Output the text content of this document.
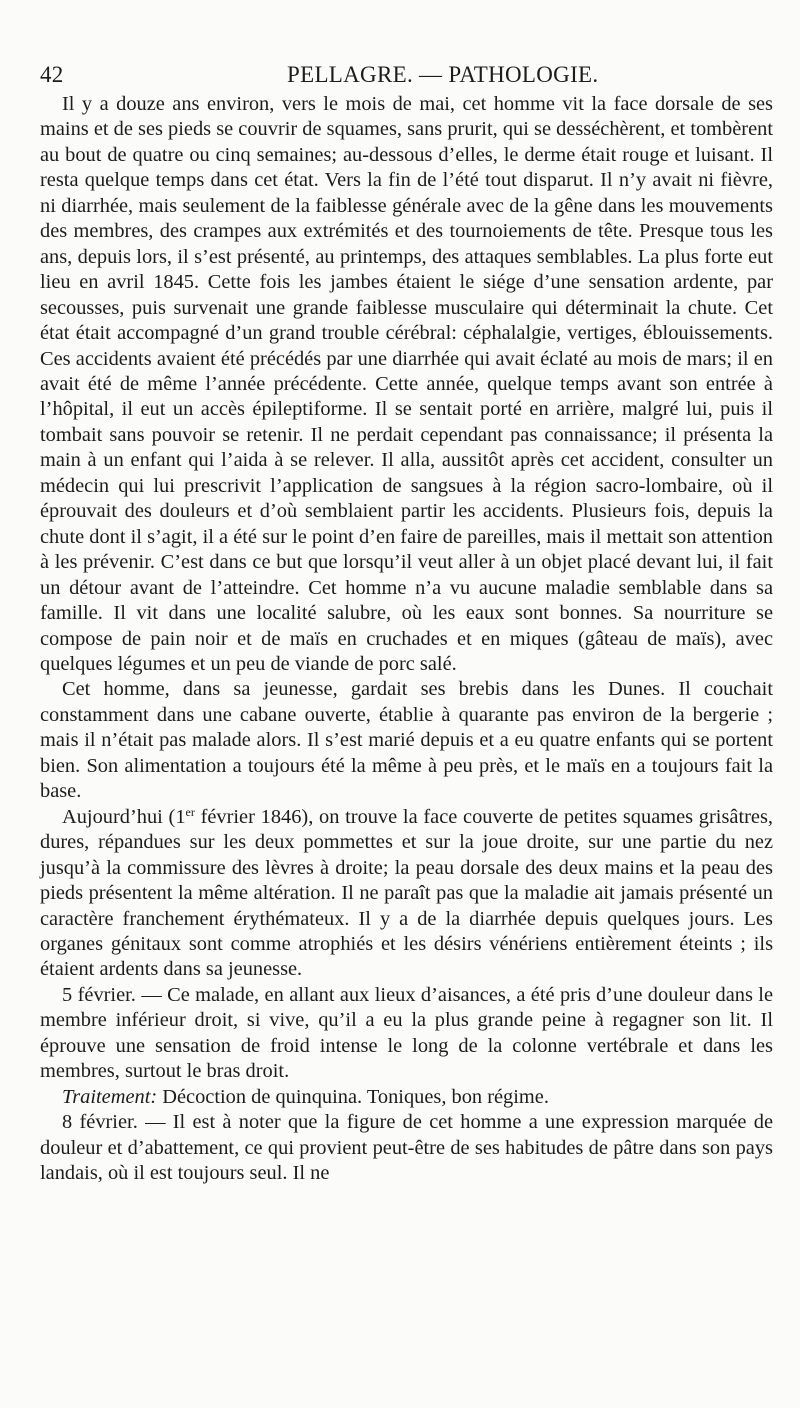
42	PELLAGRE. — PATHOLOGIE.

Il y a douze ans environ, vers le mois de mai, cet homme vit la face dorsale de ses mains et de ses pieds se couvrir de squames, sans prurit, qui se desséchèrent, et tombèrent au bout de quatre ou cinq semaines; au-dessous d’elles, le derme était rouge et luisant. Il resta quelque temps dans cet état. Vers la fin de l’été tout disparut. Il n’y avait ni fièvre, ni diarrhée, mais seulement de la faiblesse générale avec de la gêne dans les mouvements des membres, des crampes aux extrémités et des tournoiements de tête. Presque tous les ans, depuis lors, il s’est présenté, au printemps, des attaques semblables. La plus forte eut lieu en avril 1845. Cette fois les jambes étaient le siége d’une sensation ardente, par secousses, puis survenait une grande faiblesse musculaire qui déterminait la chute. Cet état était accompagné d’un grand trouble cérébral: céphalalgie, vertiges, éblouissements. Ces accidents avaient été précédés par une diarrhée qui avait éclaté au mois de mars; il en avait été de même l’année précédente. Cette année, quelque temps avant son entrée à l’hôpital, il eut un accès épileptiforme. Il se sentait porté en arrière, malgré lui, puis il tombait sans pouvoir se retenir. Il ne perdait cependant pas connaissance; il présenta la main à un enfant qui l’aida à se relever. Il alla, aussitôt après cet accident, consulter un médecin qui lui prescrivit l’application de sangsues à la région sacro-lombaire, où il éprouvait des douleurs et d’où semblaient partir les accidents. Plusieurs fois, depuis la chute dont il s’agit, il a été sur le point d’en faire de pareilles, mais il mettait son attention à les prévenir. C’est dans ce but que lorsqu’il veut aller à un objet placé devant lui, il fait un détour avant de l’atteindre. Cet homme n’a vu aucune maladie semblable dans sa famille. Il vit dans une localité salubre, où les eaux sont bonnes. Sa nourriture se compose de pain noir et de maïs en cruchades et en miques (gâteau de maïs), avec quelques légumes et un peu de viande de porc salé.

Cet homme, dans sa jeunesse, gardait ses brebis dans les Dunes. Il couchait constamment dans une cabane ouverte, établie à quarante pas environ de la bergerie ; mais il n’était pas malade alors. Il s’est marié depuis et a eu quatre enfants qui se portent bien. Son alimentation a toujours été la même à peu près, et le maïs en a toujours fait la base.

Aujourd’hui (1er février 1846), on trouve la face couverte de petites squames grisâtres, dures, répandues sur les deux pommettes et sur la joue droite, sur une partie du nez jusqu’à la commissure des lèvres à droite; la peau dorsale des deux mains et la peau des pieds présentent la même altération. Il ne paraît pas que la maladie ait jamais présenté un caractère franchement érythémateux. Il y a de la diarrhée depuis quelques jours. Les organes génitaux sont comme atrophiés et les désirs vénériens entièrement éteints ; ils étaient ardents dans sa jeunesse.

5 février. — Ce malade, en allant aux lieux d’aisances, a été pris d’une douleur dans le membre inférieur droit, si vive, qu’il a eu la plus grande peine à regagner son lit. Il éprouve une sensation de froid intense le long de la colonne vertébrale et dans les membres, surtout le bras droit.

Traitement: Décoction de quinquina. Toniques, bon régime.

8 février. — Il est à noter que la figure de cet homme a une expression marquée de douleur et d’abattement, ce qui provient peut-être de ses habitudes de pâtre dans son pays landais, où il est toujours seul. Il ne
